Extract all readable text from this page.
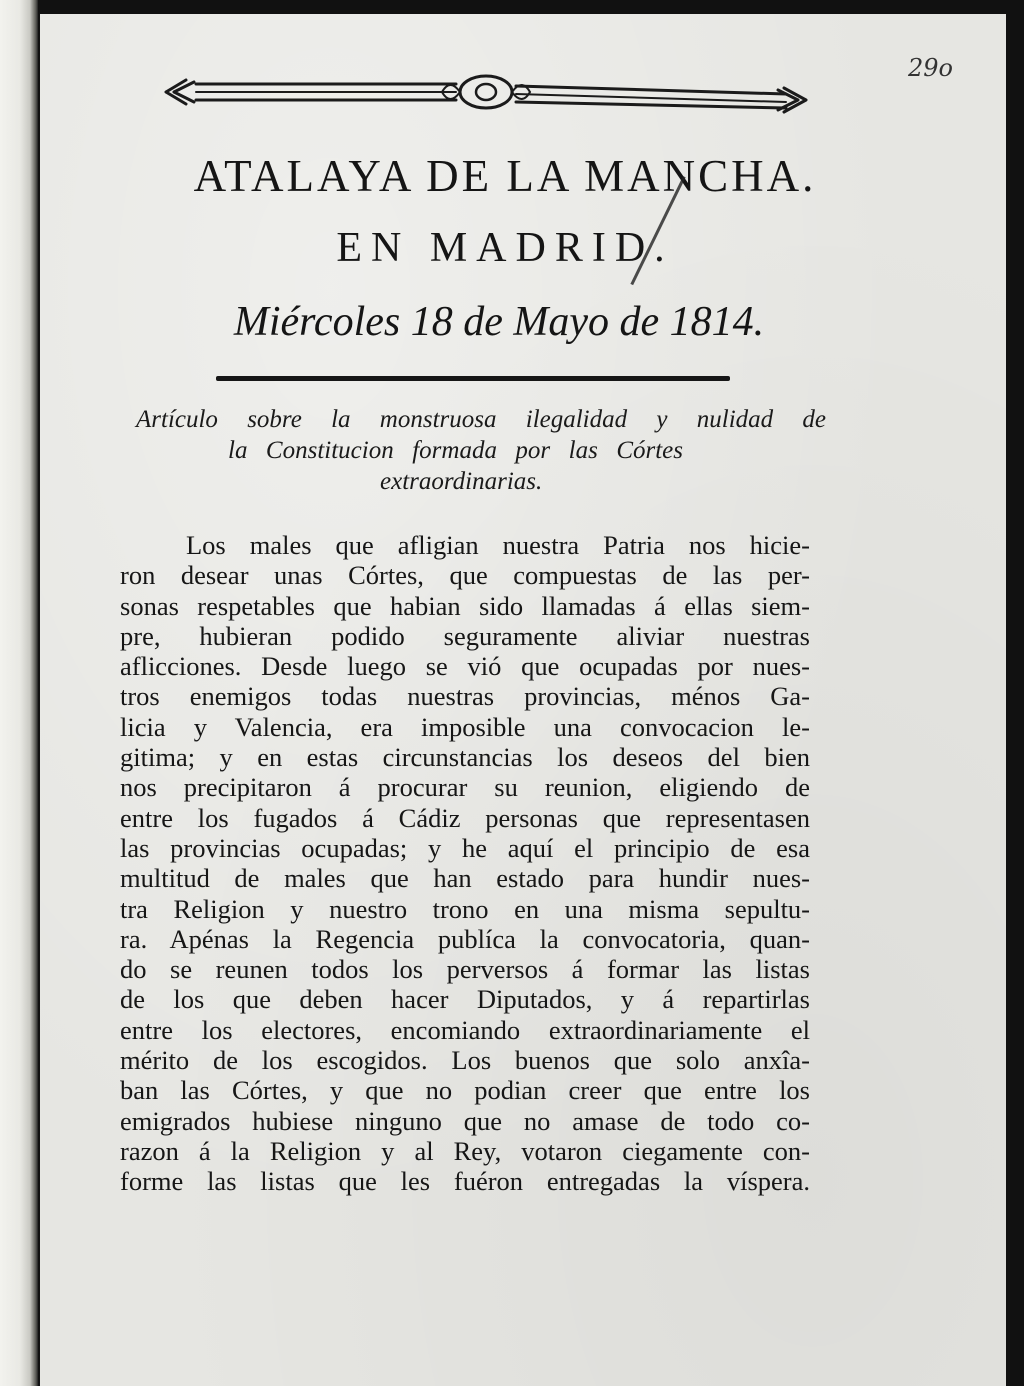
29o
ATALAYA DE LA MANCHA.
EN MADRID.
Miércoles 18 de Mayo de 1814.
Artículo sobre la monstruosa ilegalidad y nulidad de
la Constitucion formada por las Córtes
extraordinarias.
Los males que afligian nuestra Patria nos hicie-
ron desear unas Córtes, que compuestas de las per-
sonas respetables que habian sido llamadas á ellas siem-
pre, hubieran podido seguramente aliviar nuestras
aflicciones. Desde luego se vió que ocupadas por nues-
tros enemigos todas nuestras provincias, ménos Ga-
licia y Valencia, era imposible una convocacion le-
gitima; y en estas circunstancias los deseos del bien
nos precipitaron á procurar su reunion, eligiendo de
entre los fugados á Cádiz personas que representasen
las provincias ocupadas; y he aquí el principio de esa
multitud de males que han estado para hundir nues-
tra Religion y nuestro trono en una misma sepultu-
ra. Apénas la Regencia publíca la convocatoria, quan-
do se reunen todos los perversos á formar las listas
de los que deben hacer Diputados, y á repartirlas
entre los electores, encomiando extraordinariamente el
mérito de los escogidos. Los buenos que solo anxîa-
ban las Córtes, y que no podian creer que entre los
emigrados hubiese ninguno que no amase de todo co-
razon á la Religion y al Rey, votaron ciegamente con-
forme las listas que les fuéron entregadas la víspera.
